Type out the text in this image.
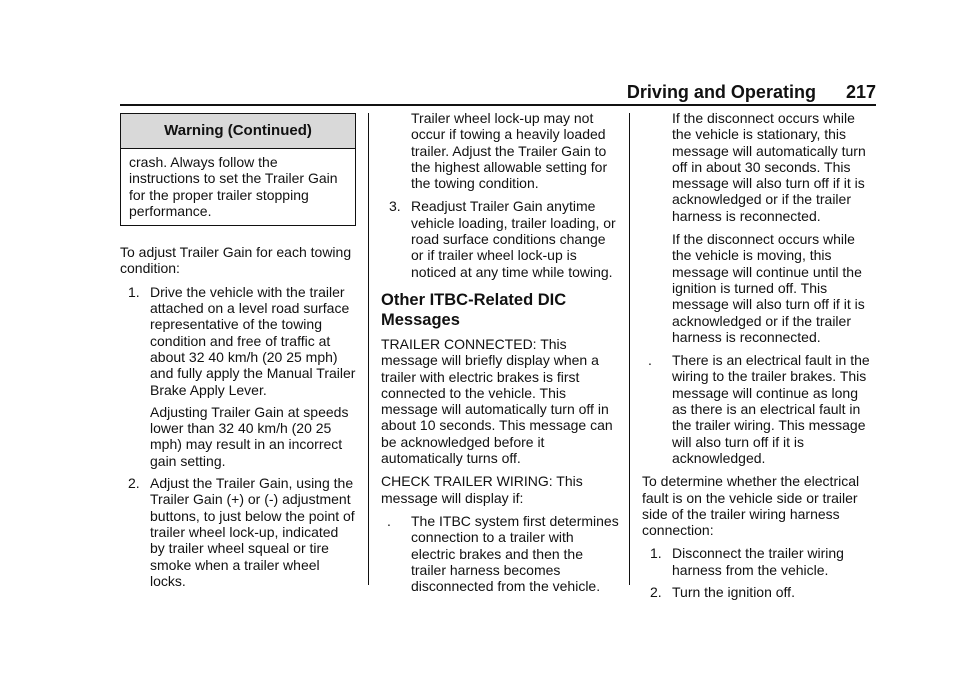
Driving and Operating 217
Warning (Continued)
crash. Always follow the instructions to set the Trailer Gain for the proper trailer stopping performance.

To adjust Trailer Gain for each towing condition:

1. Drive the vehicle with the trailer attached on a level road surface representative of the towing condition and free of traffic at about 32 40 km/h (20 25 mph) and fully apply the Manual Trailer Brake Apply Lever.

Adjusting Trailer Gain at speeds lower than 32 40 km/h (20 25 mph) may result in an incorrect gain setting.

2. Adjust the Trailer Gain, using the Trailer Gain (+) or (-) adjustment buttons, to just below the point of trailer wheel lock-up, indicated by trailer wheel squeal or tire smoke when a trailer wheel locks.

Trailer wheel lock-up may not occur if towing a heavily loaded trailer. Adjust the Trailer Gain to the highest allowable setting for the towing condition.

3. Readjust Trailer Gain anytime vehicle loading, trailer loading, or road surface conditions change or if trailer wheel lock-up is noticed at any time while towing.

Other ITBC-Related DIC Messages

TRAILER CONNECTED: This message will briefly display when a trailer with electric brakes is first connected to the vehicle. This message will automatically turn off in about 10 seconds. This message can be acknowledged before it automatically turns off.

CHECK TRAILER WIRING: This message will display if:

. The ITBC system first determines connection to a trailer with electric brakes and then the trailer harness becomes disconnected from the vehicle.

If the disconnect occurs while the vehicle is stationary, this message will automatically turn off in about 30 seconds. This message will also turn off if it is acknowledged or if the trailer harness is reconnected.

If the disconnect occurs while the vehicle is moving, this message will continue until the ignition is turned off. This message will also turn off if it is acknowledged or if the trailer harness is reconnected.

. There is an electrical fault in the wiring to the trailer brakes. This message will continue as long as there is an electrical fault in the trailer wiring. This message will also turn off if it is acknowledged.

To determine whether the electrical fault is on the vehicle side or trailer side of the trailer wiring harness connection:

1. Disconnect the trailer wiring harness from the vehicle.

2. Turn the ignition off.
